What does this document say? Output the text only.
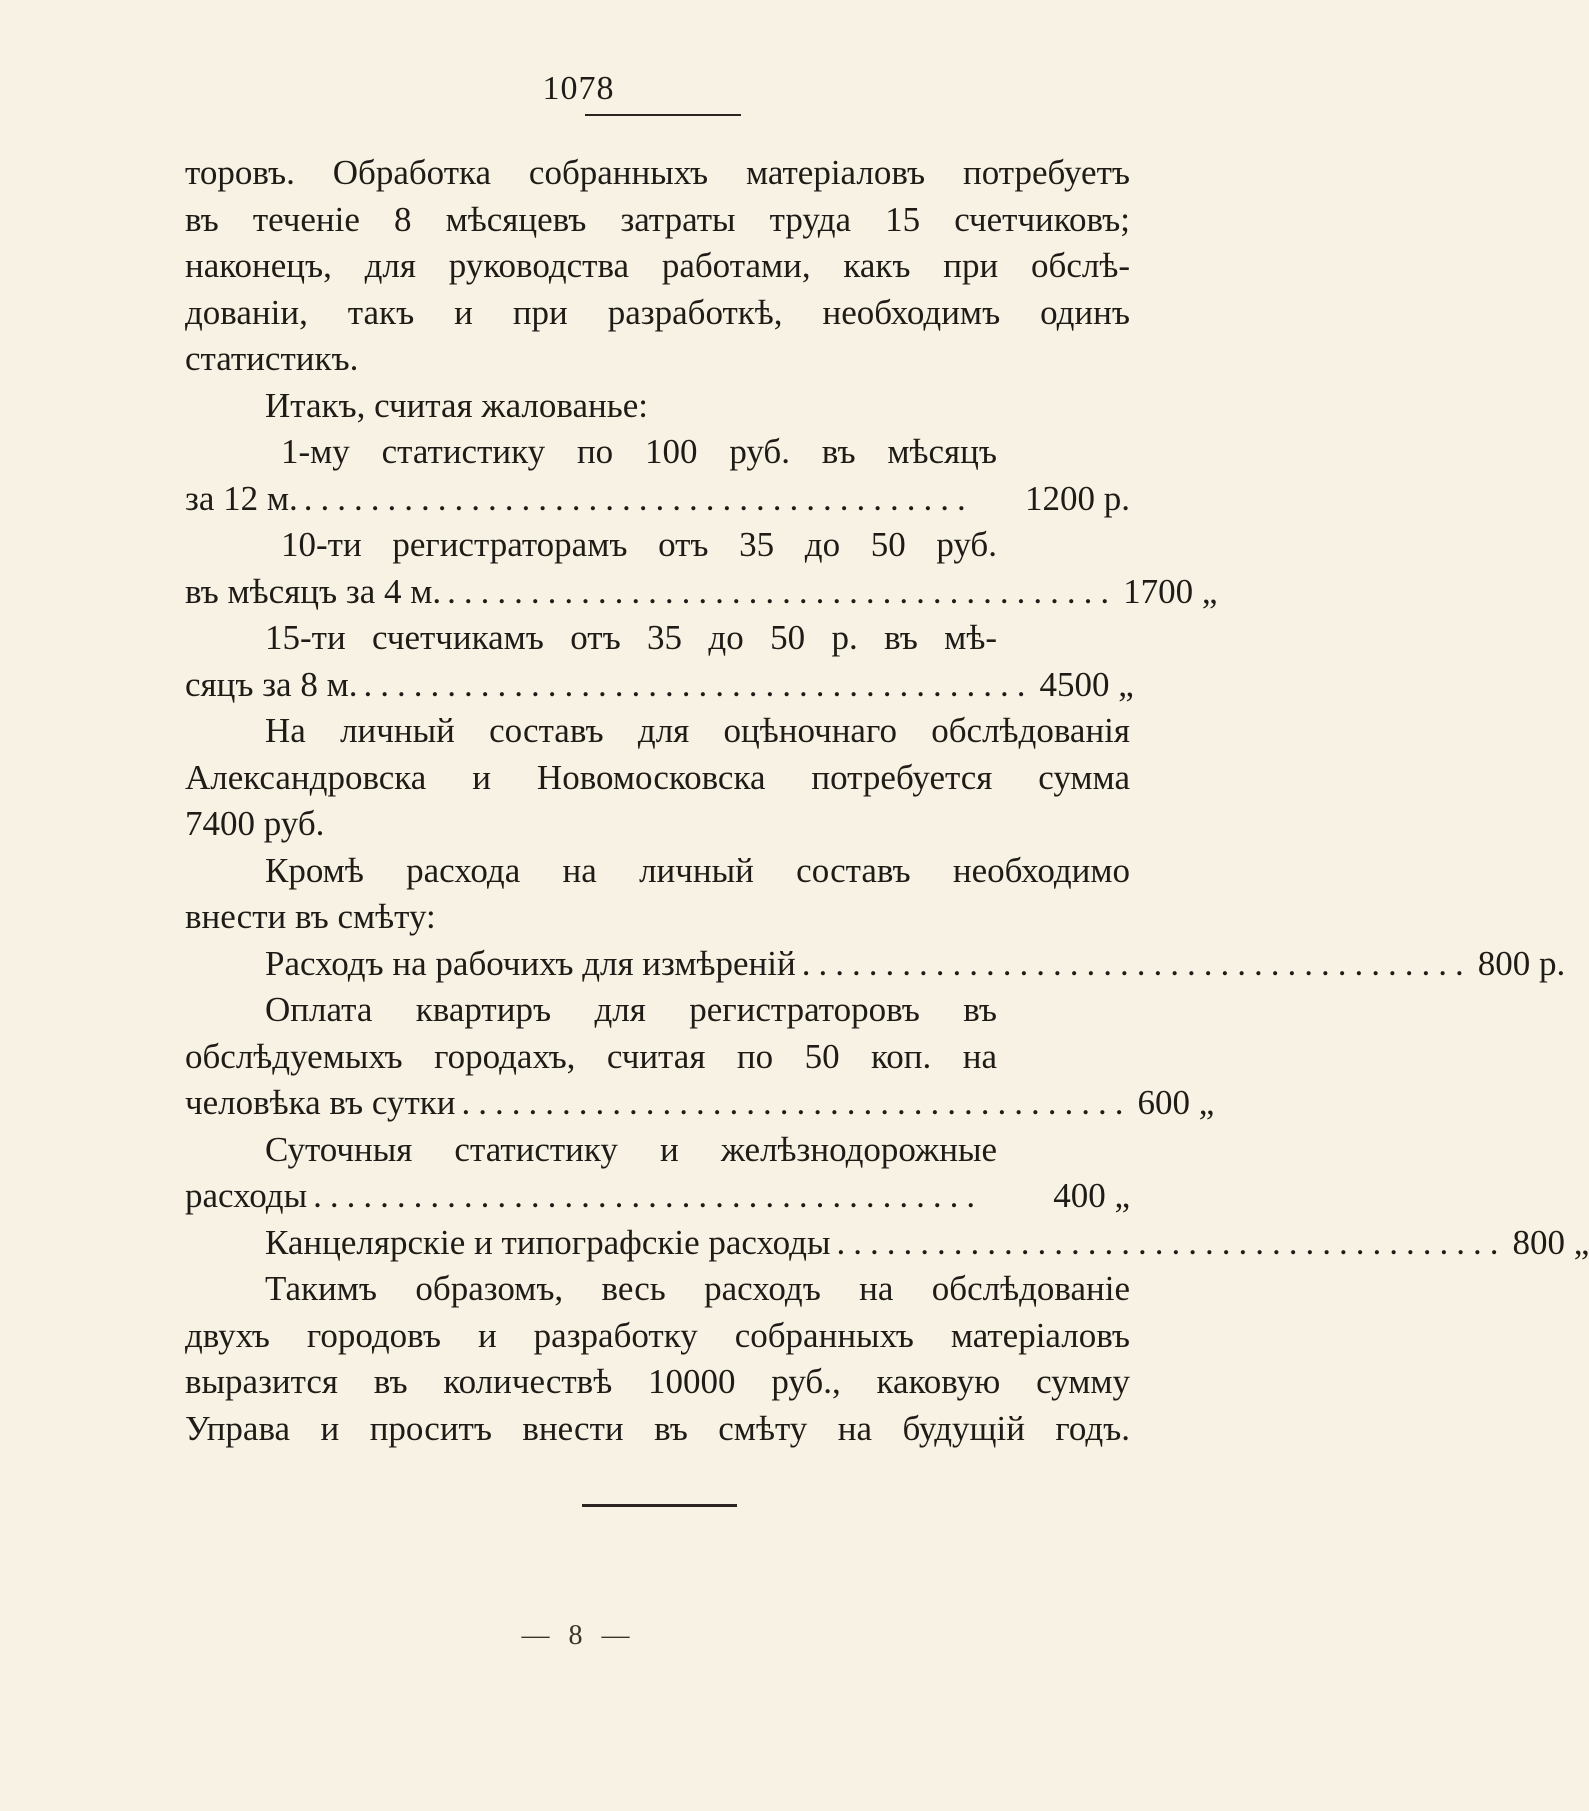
1078

торовъ. Обработка собранныхъ матеріаловъ потребуетъ

въ теченіе 8 мѣсяцевъ затраты труда 15 счетчиковъ;

наконецъ, для руководства работами, какъ при обслѣ-

дованіи, такъ и при разработкѣ, необходимъ одинъ

статистикъ.

Итакъ, считая жалованье:

1-му статистику по 100 руб. въ мѣсяцъ

за 12 м. ........................................	1200 р.

10-ти регистраторамъ отъ 35 до 50 руб.

въ мѣсяцъ за 4 м. ........................................ 1700 „

15-ти счетчикамъ отъ 35 до 50 р. въ мѣ-

сяцъ за 8 м. ........................................ 4500 „

На личный составъ для оцѣночнаго обслѣдованія

Александровска и Новомосковска потребуется сумма

7400 руб.

Кромѣ расхода на личный составъ необходимо

внести въ смѣту:

Расходъ на рабочихъ для измѣреній ........................................ 800 р.

Оплата квартиръ для регистраторовъ въ

обслѣдуемыхъ городахъ, считая по 50 коп. на

человѣка въ сутки ........................................ 600 „

Суточныя статистику и желѣзнодорожные

расходы ........................................	400 „
Канцелярскіе и типографскіе расходы ........................................ 800 „

Такимъ образомъ, весь расходъ на обслѣдованіе

двухъ городовъ и разработку собранныхъ матеріаловъ

выразится въ количествѣ 10000 руб., каковую сумму

Управа и проситъ внести въ смѣту на будущій годъ.

— 8 —
